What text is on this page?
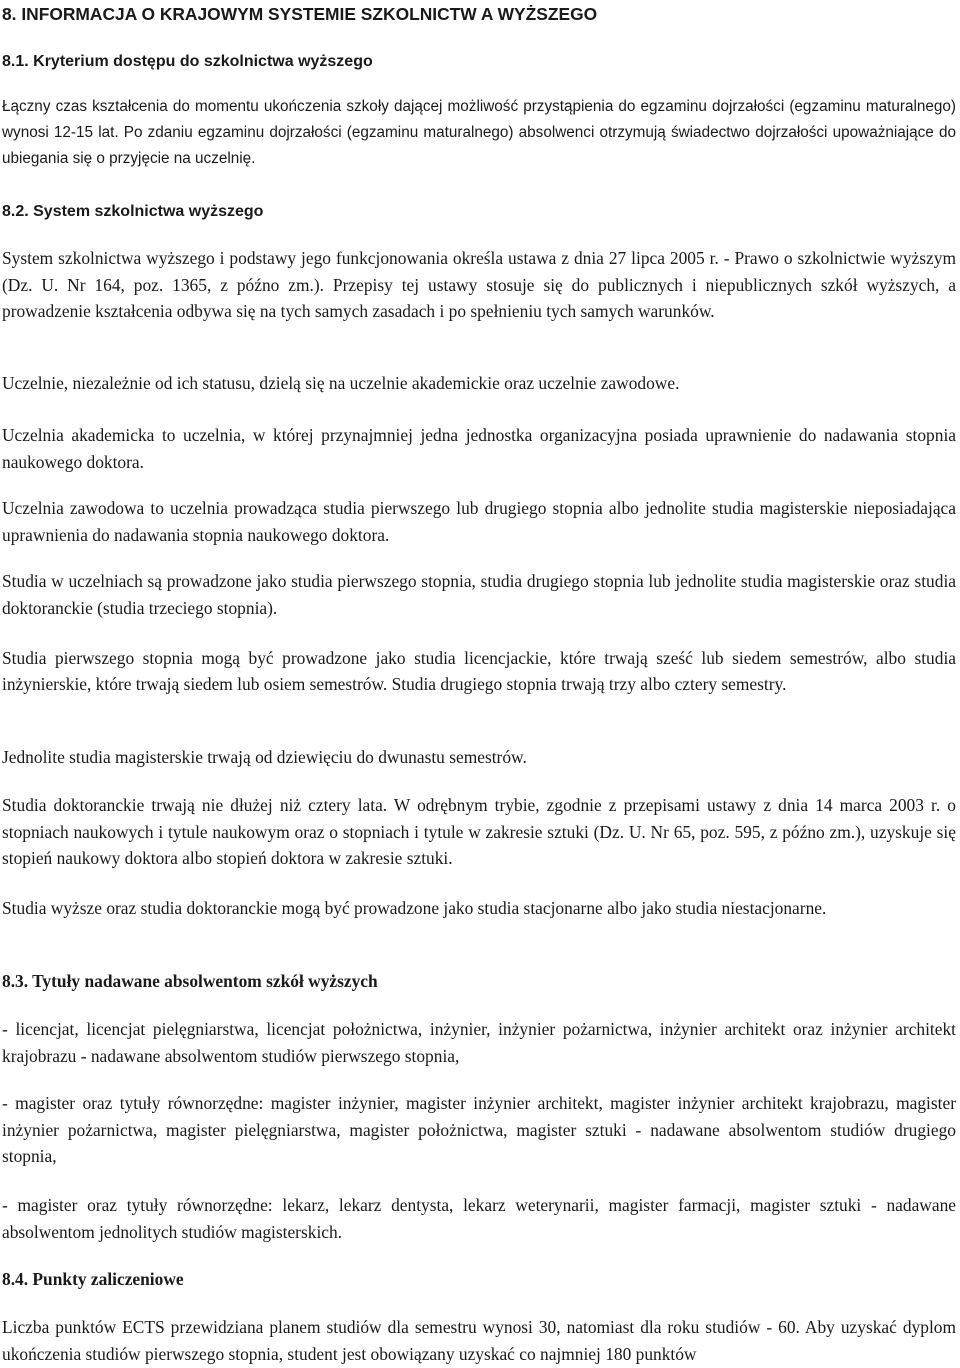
8. INFORMACJA O KRAJOWYM SYSTEMIE SZKOLNICTW A WYŻSZEGO
8.1. Kryterium dostępu do szkolnictwa wyższego

Łączny czas kształcenia do momentu ukończenia szkoły dającej możliwość przystąpienia do egzaminu dojrzałości (egzaminu maturalnego) wynosi 12-15 lat. Po zdaniu egzaminu dojrzałości (egzaminu maturalnego) absolwenci otrzymują świadectwo dojrzałości upoważniające do ubiegania się o przyjęcie na uczelnię.

8.2. System szkolnictwa wyższego

System szkolnictwa wyższego i podstawy jego funkcjonowania określa ustawa z dnia 27 lipca 2005 r. - Prawo o szkolnictwie wyższym (Dz. U. Nr 164, poz. 1365, z późno zm.). Przepisy tej ustawy stosuje się do publicznych i niepublicznych szkół wyższych, a prowadzenie kształcenia odbywa się na tych samych zasadach i po spełnieniu tych samych warunków.

Uczelnie, niezależnie od ich statusu, dzielą się na uczelnie akademickie oraz uczelnie zawodowe.

Uczelnia akademicka to uczelnia, w której przynajmniej jedna jednostka organizacyjna posiada uprawnienie do nadawania stopnia naukowego doktora.

Uczelnia zawodowa to uczelnia prowadząca studia pierwszego lub drugiego stopnia albo jednolite studia magisterskie nieposiadająca uprawnienia do nadawania stopnia naukowego doktora.

Studia w uczelniach są prowadzone jako studia pierwszego stopnia, studia drugiego stopnia lub jednolite studia magisterskie oraz studia doktoranckie (studia trzeciego stopnia).

Studia pierwszego stopnia mogą być prowadzone jako studia licencjackie, które trwają sześć lub siedem semestrów, albo studia inżynierskie, które trwają siedem lub osiem semestrów. Studia drugiego stopnia trwają trzy albo cztery semestry.

Jednolite studia magisterskie trwają od dziewięciu do dwunastu semestrów.

Studia doktoranckie trwają nie dłużej niż cztery lata. W odrębnym trybie, zgodnie z przepisami ustawy z dnia 14 marca 2003 r. o stopniach naukowych i tytule naukowym oraz o stopniach i tytule w zakresie sztuki (Dz. U. Nr 65, poz. 595, z późno zm.), uzyskuje się stopień naukowy doktora albo stopień doktora w zakresie sztuki.

Studia wyższe oraz studia doktoranckie mogą być prowadzone jako studia stacjonarne albo jako studia niestacjonarne.

8.3. Tytuły nadawane absolwentom szkół wyższych

- licencjat, licencjat pielęgniarstwa, licencjat położnictwa, inżynier, inżynier pożarnictwa, inżynier architekt oraz inżynier architekt krajobrazu - nadawane absolwentom studiów pierwszego stopnia,

- magister oraz tytuły równorzędne: magister inżynier, magister inżynier architekt, magister inżynier architekt krajobrazu, magister inżynier pożarnictwa, magister pielęgniarstwa, magister położnictwa, magister sztuki - nadawane absolwentom studiów drugiego stopnia,

- magister oraz tytuły równorzędne: lekarz, lekarz dentysta, lekarz weterynarii, magister farmacji, magister sztuki - nadawane absolwentom jednolitych studiów magisterskich.

8.4. Punkty zaliczeniowe

Liczba punktów ECTS przewidziana planem studiów dla semestru wynosi 30, natomiast dla roku studiów - 60. Aby uzyskać dyplom ukończenia studiów pierwszego stopnia, student jest obowiązany uzyskać co najmniej 180 punktów
